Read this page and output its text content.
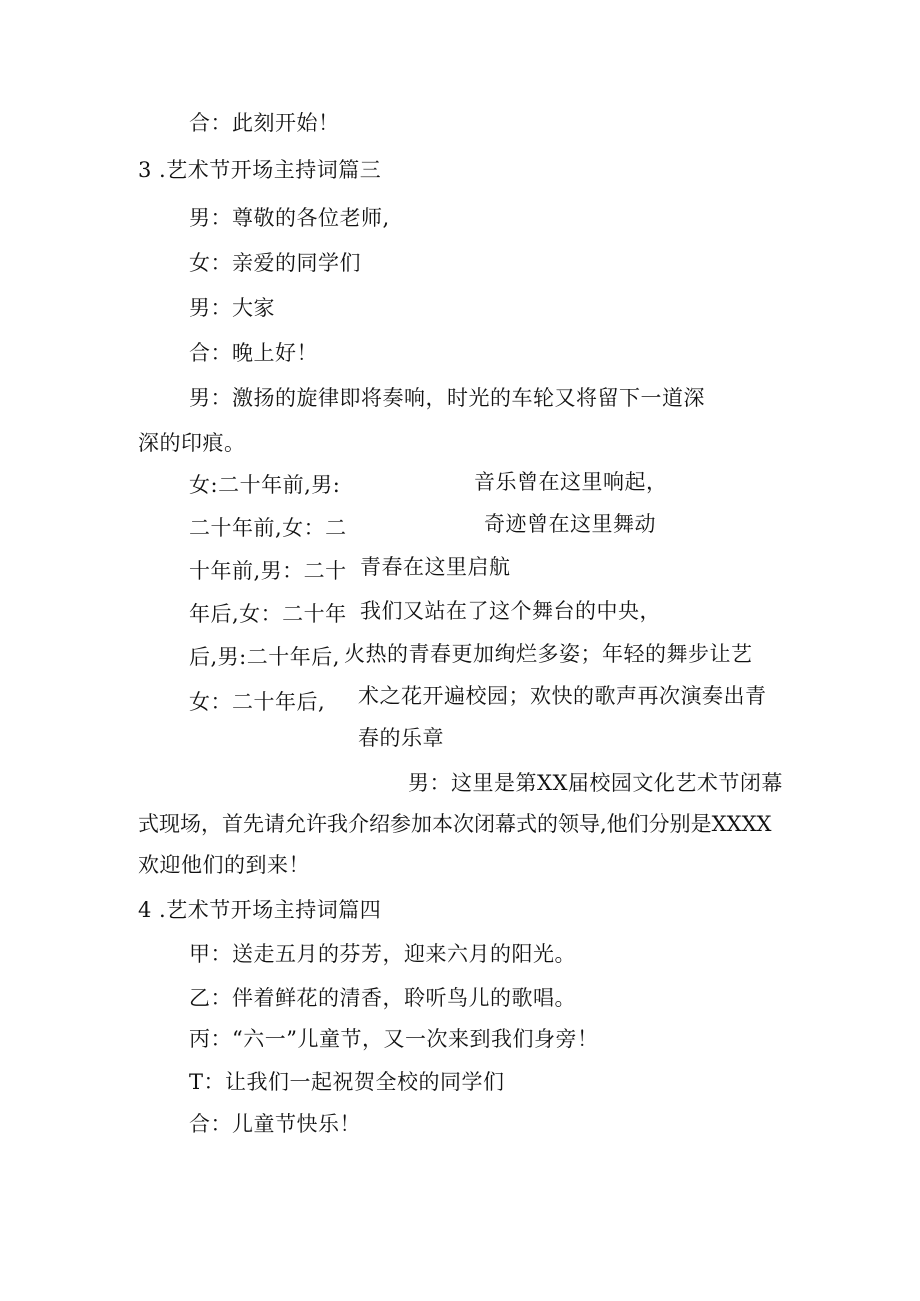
合：此刻开始！
3 .艺术节开场主持词篇三
男：尊敬的各位老师,
女：亲爱的同学们
男：大家
合：晚上好！
男：激扬的旋律即将奏响，时光的车轮又将留下一道深
深的印痕。
女:二十年前,男:	音乐曾在这里响起，
二十年前,女：二	奇迹曾在这里舞动
十年前,男：二十 青春在这里启航
年后,女：二十年 我们又站在了这个舞台的中央，
后,男:二十年后, 火热的青春更加绚烂多姿；年轻的舞步让艺
女：二十年后, 术之花开遍校园；欢快的歌声再次演奏出青
春的乐章
男：这里是第XX届校园文化艺术节闭幕
式现场，首先请允许我介绍参加本次闭幕式的领导,他们分别是XXXX
欢迎他们的到来！
4 .艺术节开场主持词篇四
甲：送走五月的芬芳，迎来六月的阳光。
乙：伴着鲜花的清香，聆听鸟儿的歌唱。
丙：“六一”儿童节，又一次来到我们身旁！
T：让我们一起祝贺全校的同学们
合：儿童节快乐！
